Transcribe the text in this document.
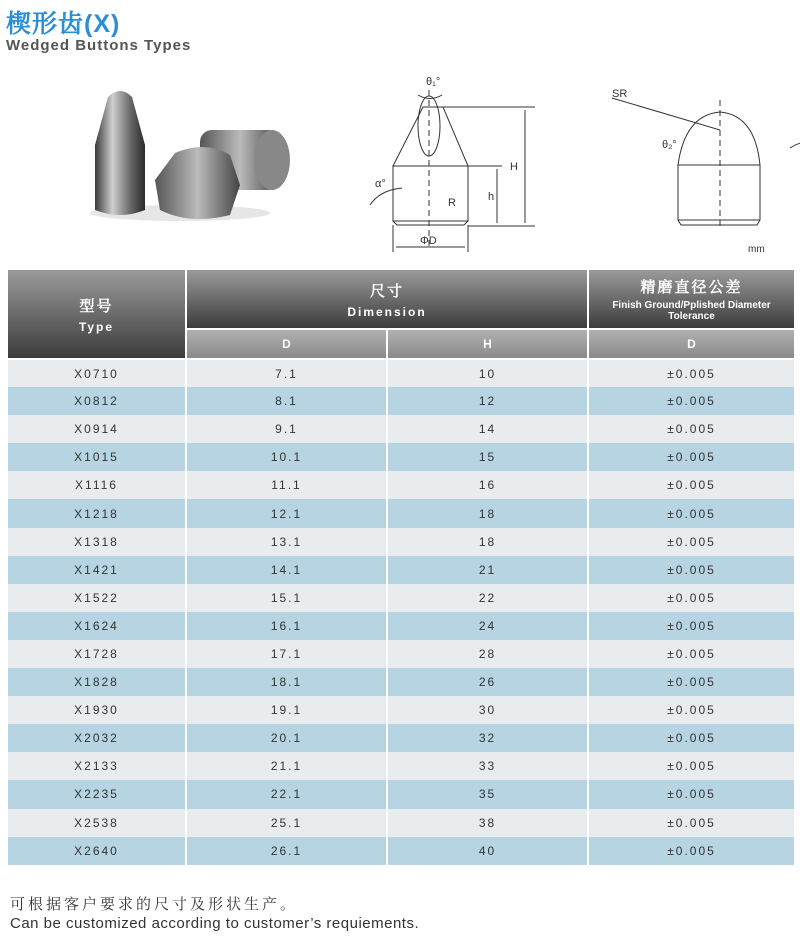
楔形齿(X)
Wedged Buttons Types
θ₁°
α°
R	h
H
ΦD
SR
θ₂°
mm
型号
Type	尺寸
Dimension		精磨直径公差
Finish Ground/Pplished Diameter Tolerance

	D	H	D
X0710	7.1	10	±0.005
X0812	8.1	12	±0.005
X0914	9.1	14	±0.005
X1015	10.1	15	±0.005
X1116	11.1	16	±0.005
X1218	12.1	18	±0.005
X1318	13.1	18	±0.005
X1421	14.1	21	±0.005
X1522	15.1	22	±0.005
X1624	16.1	24	±0.005
X1728	17.1	28	±0.005
X1828	18.1	26	±0.005
X1930	19.1	30	±0.005
X2032	20.1	32	±0.005
X2133	21.1	33	±0.005
X2235	22.1	35	±0.005
X2538	25.1	38	±0.005
X2640	26.1	40	±0.005
可根据客户要求的尺寸及形状生产。
Can be customized according to customer’s requiements.
